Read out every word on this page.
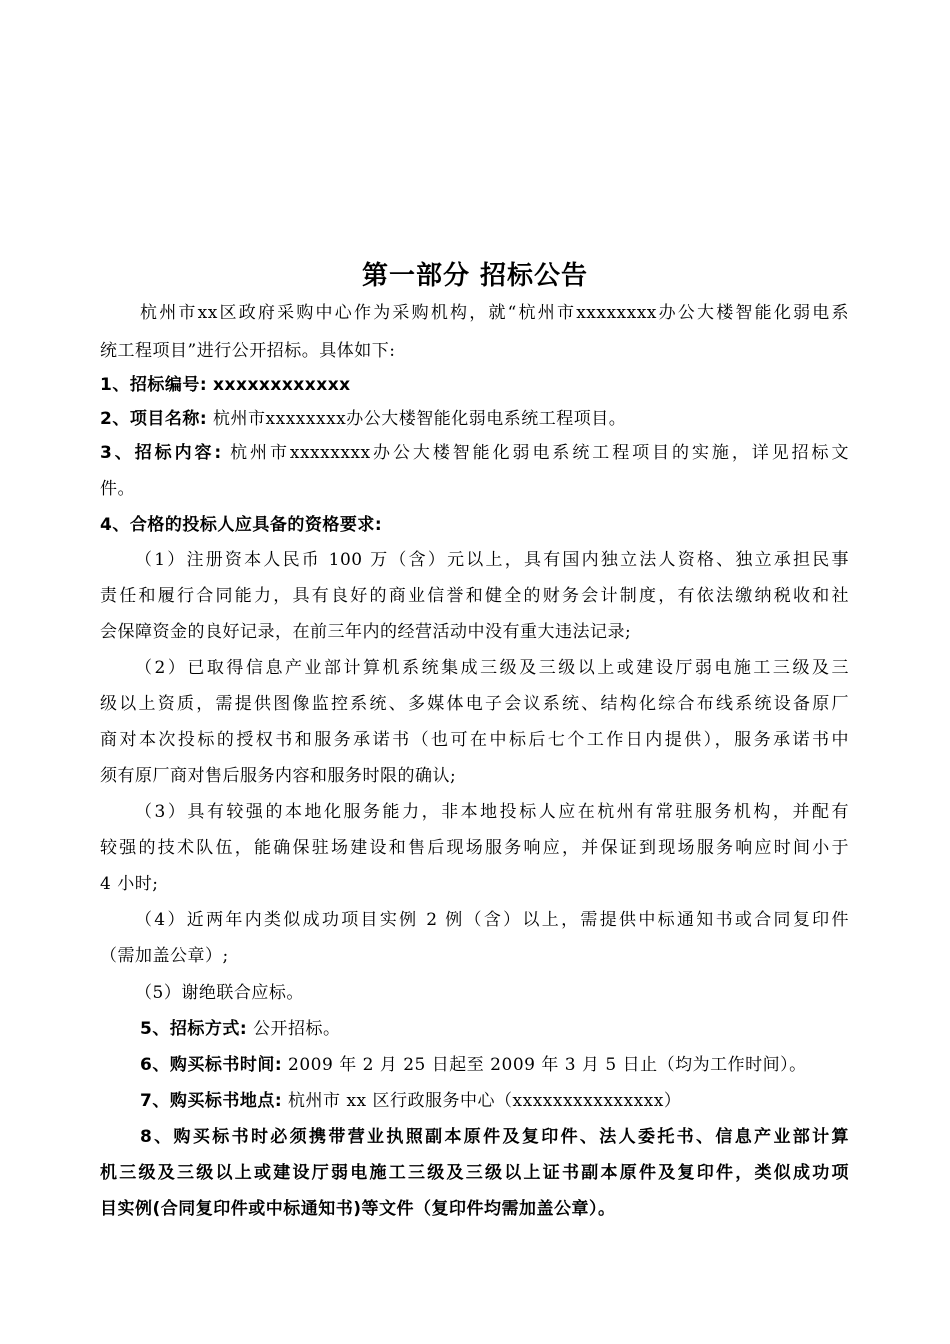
第一部分 招标公告
杭州市xx区政府采购中心作为采购机构，就“杭州市xxxxxxxx办公大楼智能化弱电系
统工程项目”进行公开招标。具体如下:
1、招标编号: xxxxxxxxxxxx
2、项目名称: 杭州市xxxxxxxx办公大楼智能化弱电系统工程项目。
3、招标内容: 杭州市xxxxxxxx办公大楼智能化弱电系统工程项目的实施，详见招标文
件。
4、合格的投标人应具备的资格要求:
（1）注册资本人民币 100 万（含）元以上，具有国内独立法人资格、独立承担民事
责任和履行合同能力，具有良好的商业信誉和健全的财务会计制度，有依法缴纳税收和社
会保障资金的良好记录，在前三年内的经营活动中没有重大违法记录;
（2）已取得信息产业部计算机系统集成三级及三级以上或建设厅弱电施工三级及三
级以上资质，需提供图像监控系统、多媒体电子会议系统、结构化综合布线系统设备原厂
商对本次投标的授权书和服务承诺书（也可在中标后七个工作日内提供），服务承诺书中
须有原厂商对售后服务内容和服务时限的确认;
（3）具有较强的本地化服务能力，非本地投标人应在杭州有常驻服务机构，并配有
较强的技术队伍，能确保驻场建设和售后现场服务响应，并保证到现场服务响应时间小于
4 小时;
（4）近两年内类似成功项目实例 2 例（含）以上，需提供中标通知书或合同复印件
（需加盖公章）;
（5）谢绝联合应标。
5、招标方式: 公开招标。
6、购买标书时间: 2009 年 2 月 25 日起至 2009 年 3 月 5 日止（均为工作时间）。
7、购买标书地点: 杭州市 xx 区行政服务中心（xxxxxxxxxxxxxxx）
8、购买标书时必须携带营业执照副本原件及复印件、法人委托书、信息产业部计算
机三级及三级以上或建设厅弱电施工三级及三级以上证书副本原件及复印件，类似成功项
目实例(合同复印件或中标通知书)等文件（复印件均需加盖公章）。
